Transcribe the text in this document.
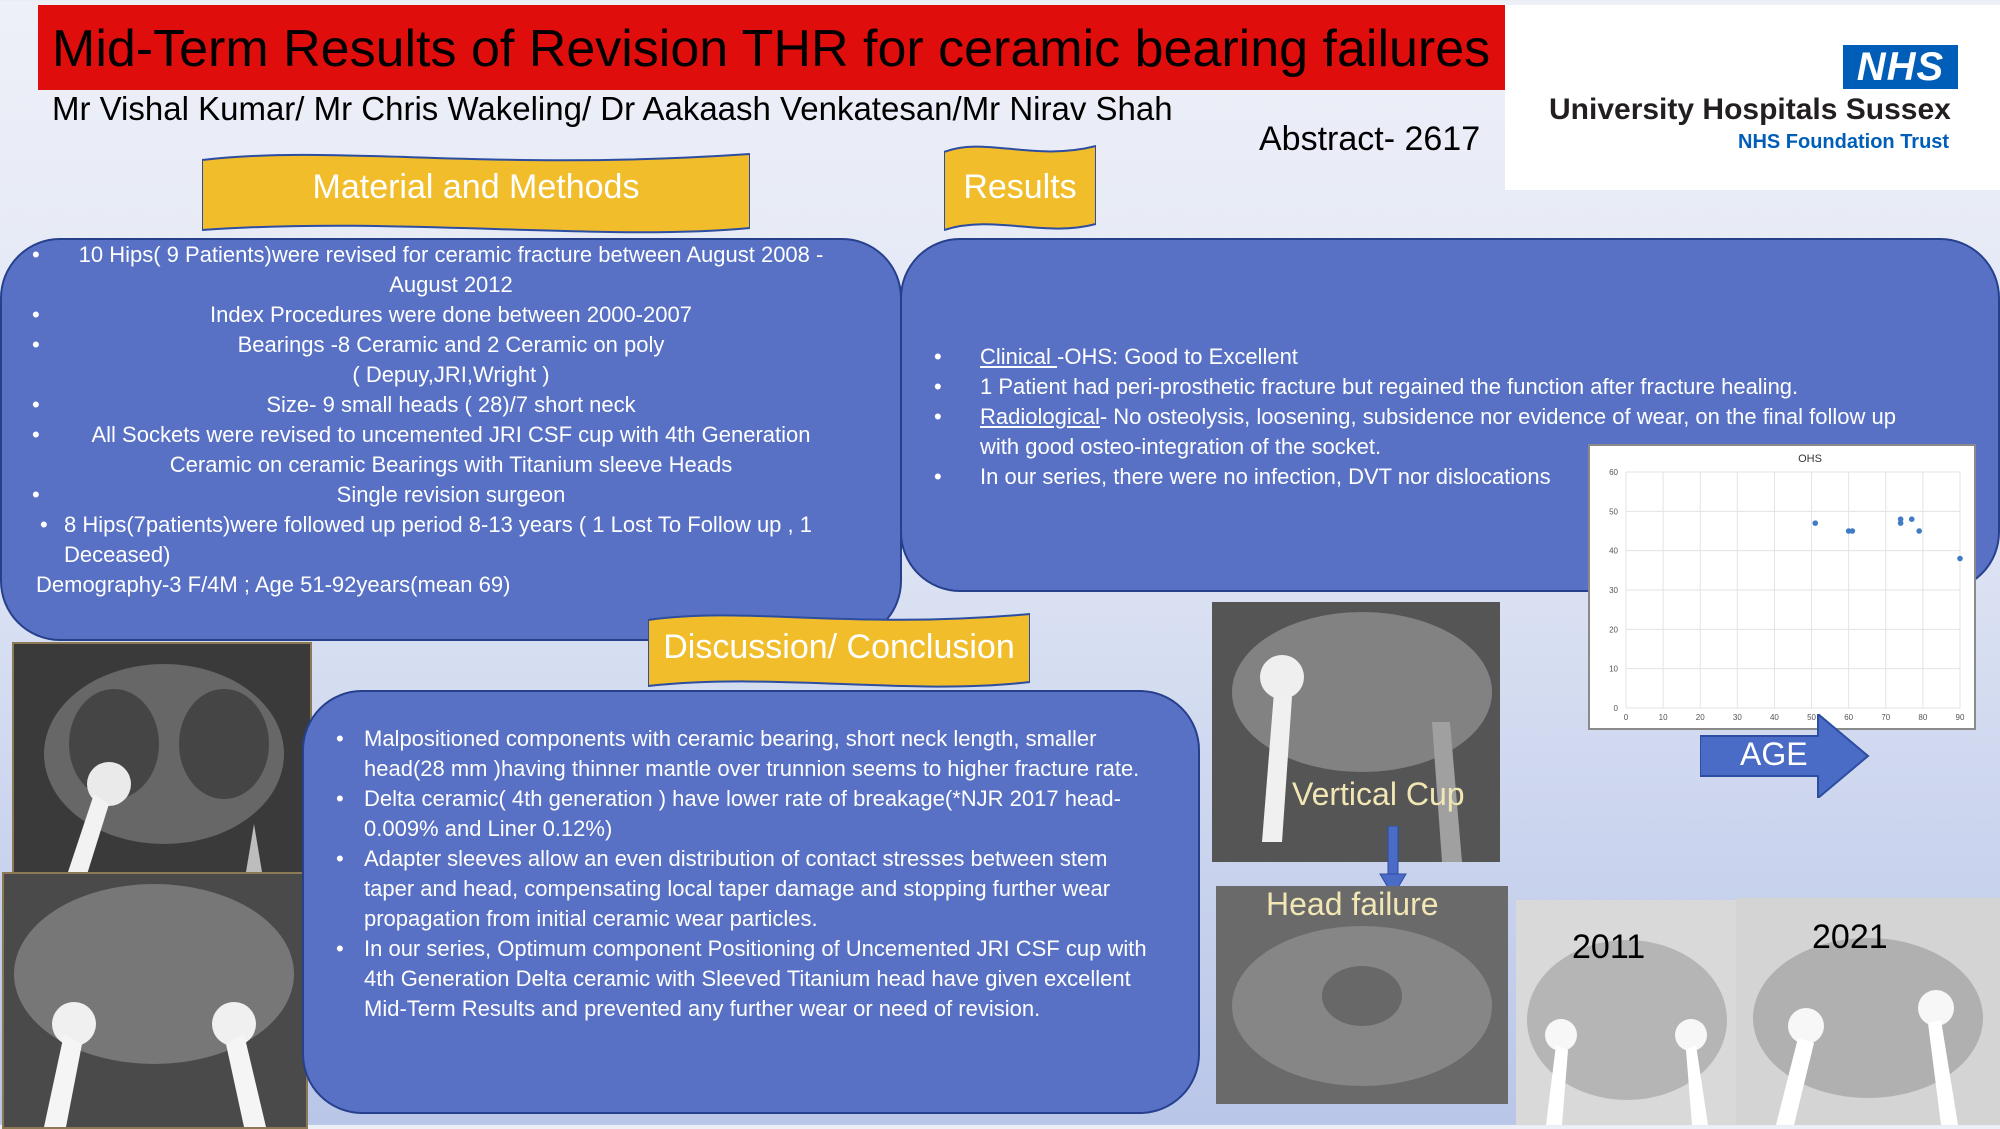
Mid-Term Results of Revision THR for ceramic bearing failures
Mr Vishal Kumar/ Mr Chris Wakeling/ Dr Aakaash Venkatesan/Mr Nirav Shah
Abstract- 2617
NHS
University Hospitals Sussex
NHS Foundation Trust
Material and Methods	Results
• 10 Hips( 9 Patients)were revised for ceramic fracture between August 2008 - August 2012
• Index Procedures were done between 2000-2007
• Bearings -8 Ceramic and 2 Ceramic on poly
( Depuy,JRI,Wright )
• Size- 9 small heads ( 28)/7 short neck
• All Sockets were revised to uncemented JRI CSF cup with 4th Generation Ceramic on ceramic Bearings with Titanium sleeve Heads
• Single revision surgeon
• 8 Hips(7patients)were followed up period 8-13 years ( 1 Lost To Follow up , 1 Deceased)
Demography-3 F/4M ; Age 51-92years(mean 69)
• Clinical -OHS: Good to Excellent
• 1 Patient had peri-prosthetic fracture but regained the function after fracture healing.
• Radiological- No osteolysis, loosening, subsidence nor evidence of wear, on the final follow up with good osteo-integration of the socket.
• In our series, there were no infection, DVT nor dislocations
Discussion/ Conclusion
• Malpositioned components with ceramic bearing, short neck length, smaller head(28 mm )having thinner mantle over trunnion seems to higher fracture rate.
• Delta ceramic( 4th generation ) have lower rate of breakage(*NJR 2017 head-0.009% and Liner 0.12%)
• Adapter sleeves allow an even distribution of contact stresses between stem taper and head, compensating local taper damage and stopping further wear propagation from initial ceramic wear particles.
• In our series, Optimum component Positioning of Uncemented JRI CSF cup with 4th Generation Delta ceramic with Sleeved Titanium head have given excellent Mid-Term Results and prevented any further wear or need of revision.
Vertical Cup
Head failure
2011	2021
OHS
0	10	20	30	40	50	60	70	80	90
0
10
20
30
40
50
60
AGE
